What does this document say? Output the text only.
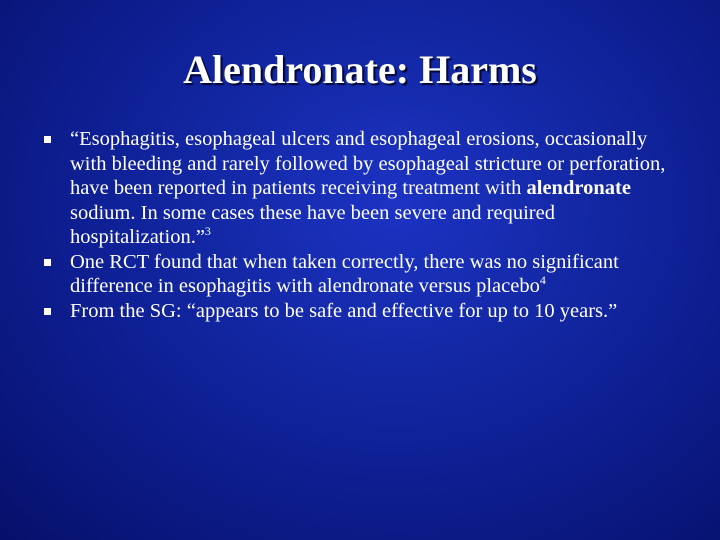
Alendronate: Harms
“Esophagitis, esophageal ulcers and esophageal erosions, occasionally with bleeding and rarely followed by esophageal stricture or perforation, have been reported in patients receiving treatment with alendronate sodium. In some cases these have been severe and required hospitalization.”$^3$
One RCT found that when taken correctly, there was no significant difference in esophagitis with alendronate versus placebo$^4$
From the SG: “appears to be safe and effective for up to 10 years.”
